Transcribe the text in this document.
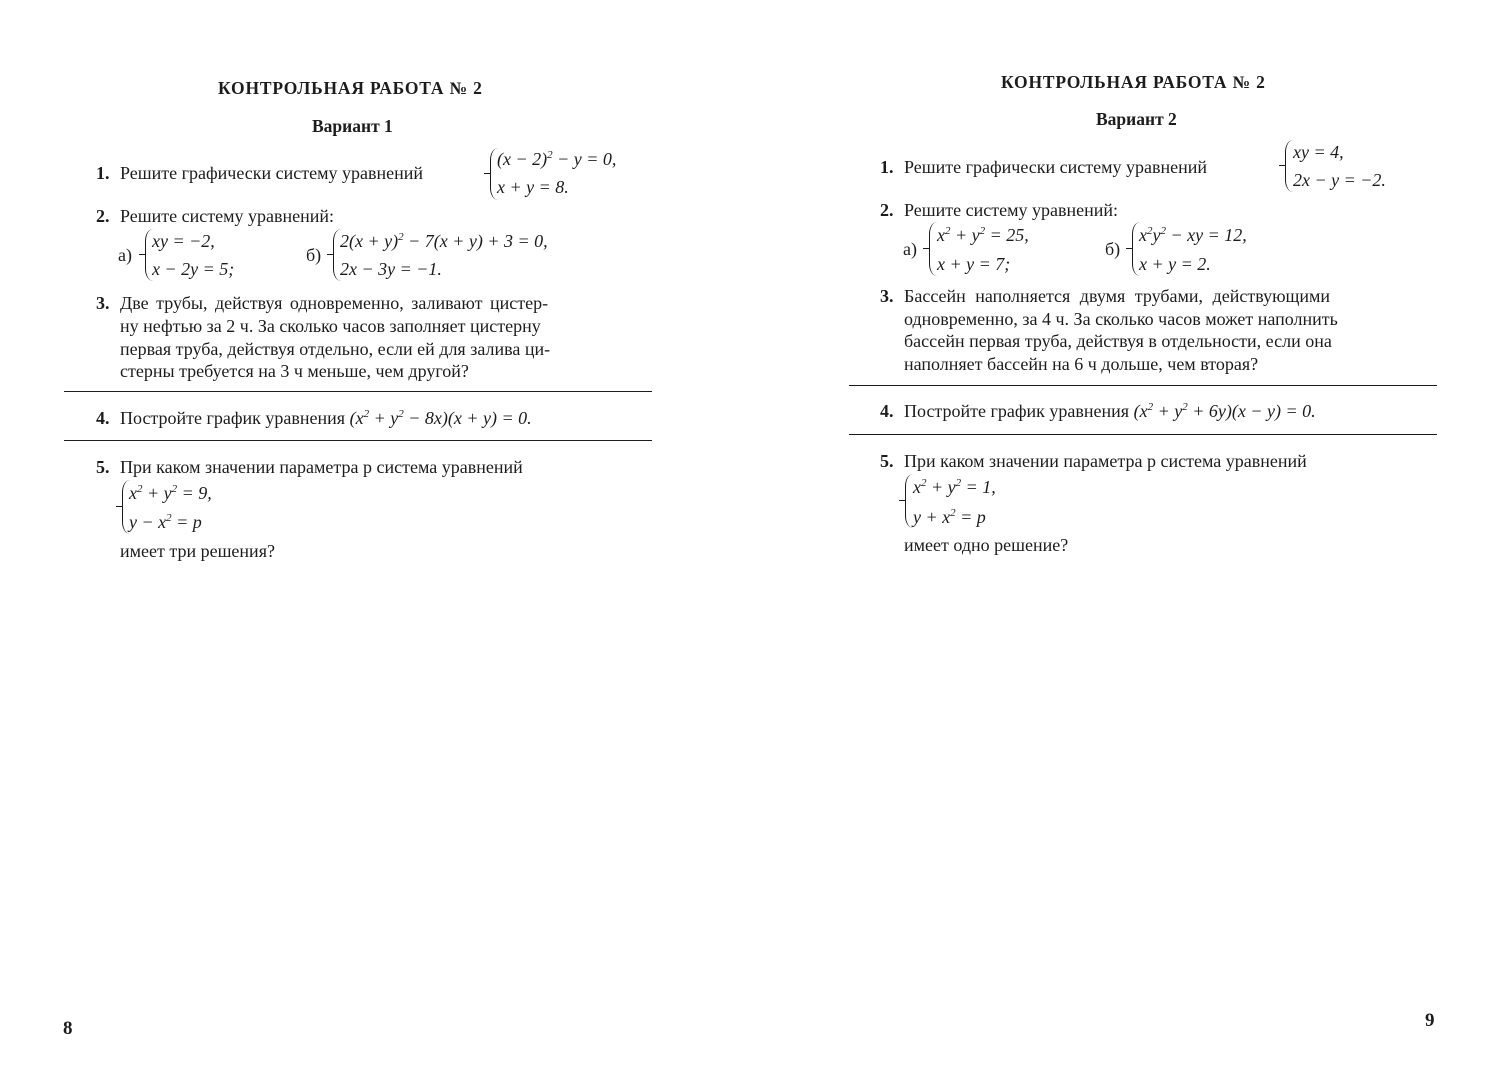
КОНТРОЛЬНАЯ РАБОТА № 2
Вариант 1
1. Решите графически систему уравнений
$(x - 2)^2 - y = 0$,
x + y = 8.
2. Решите систему уравнений:
а)
xy = −2,
x − 2y = 5;
б)
$2(x + y)^2 - 7(x + y) + 3 = 0$,
2x − 3y = −1.
3. Две трубы, действуя одновременно, заливают цистер-
ну нефтью за 2 ч. За сколько часов заполняет цистерну
первая труба, действуя отдельно, если ей для залива ци-
стерны требуется на 3 ч меньше, чем другой?
4. Постройте график уравнения $(x^2 + y^2 - 8x)(x + y) = 0$.
5. При каком значении параметра p система уравнений
$x^2 + y^2 = 9$,
$y - x^2 = p$
имеет три решения?
8
КОНТРОЛЬНАЯ РАБОТА № 2
Вариант 2
1. Решите графически систему уравнений
xy = 4,
2x − y = −2.
2. Решите систему уравнений:
а)
$x^2 + y^2 = 25$,
x + y = 7;
б)
$x^2y^2$ − xy = 12,
x + y = 2.
3. Бассейн наполняется двумя трубами, действующими
одновременно, за 4 ч. За сколько часов может наполнить
бассейн первая труба, действуя в отдельности, если она
наполняет бассейн на 6 ч дольше, чем вторая?
4. Постройте график уравнения $(x^2 + y^2 + 6y)(x - y) = 0$.
5. При каком значении параметра p система уравнений
$x^2 + y^2 = 1$,
$y + x^2 = p$
имеет одно решение?
9
